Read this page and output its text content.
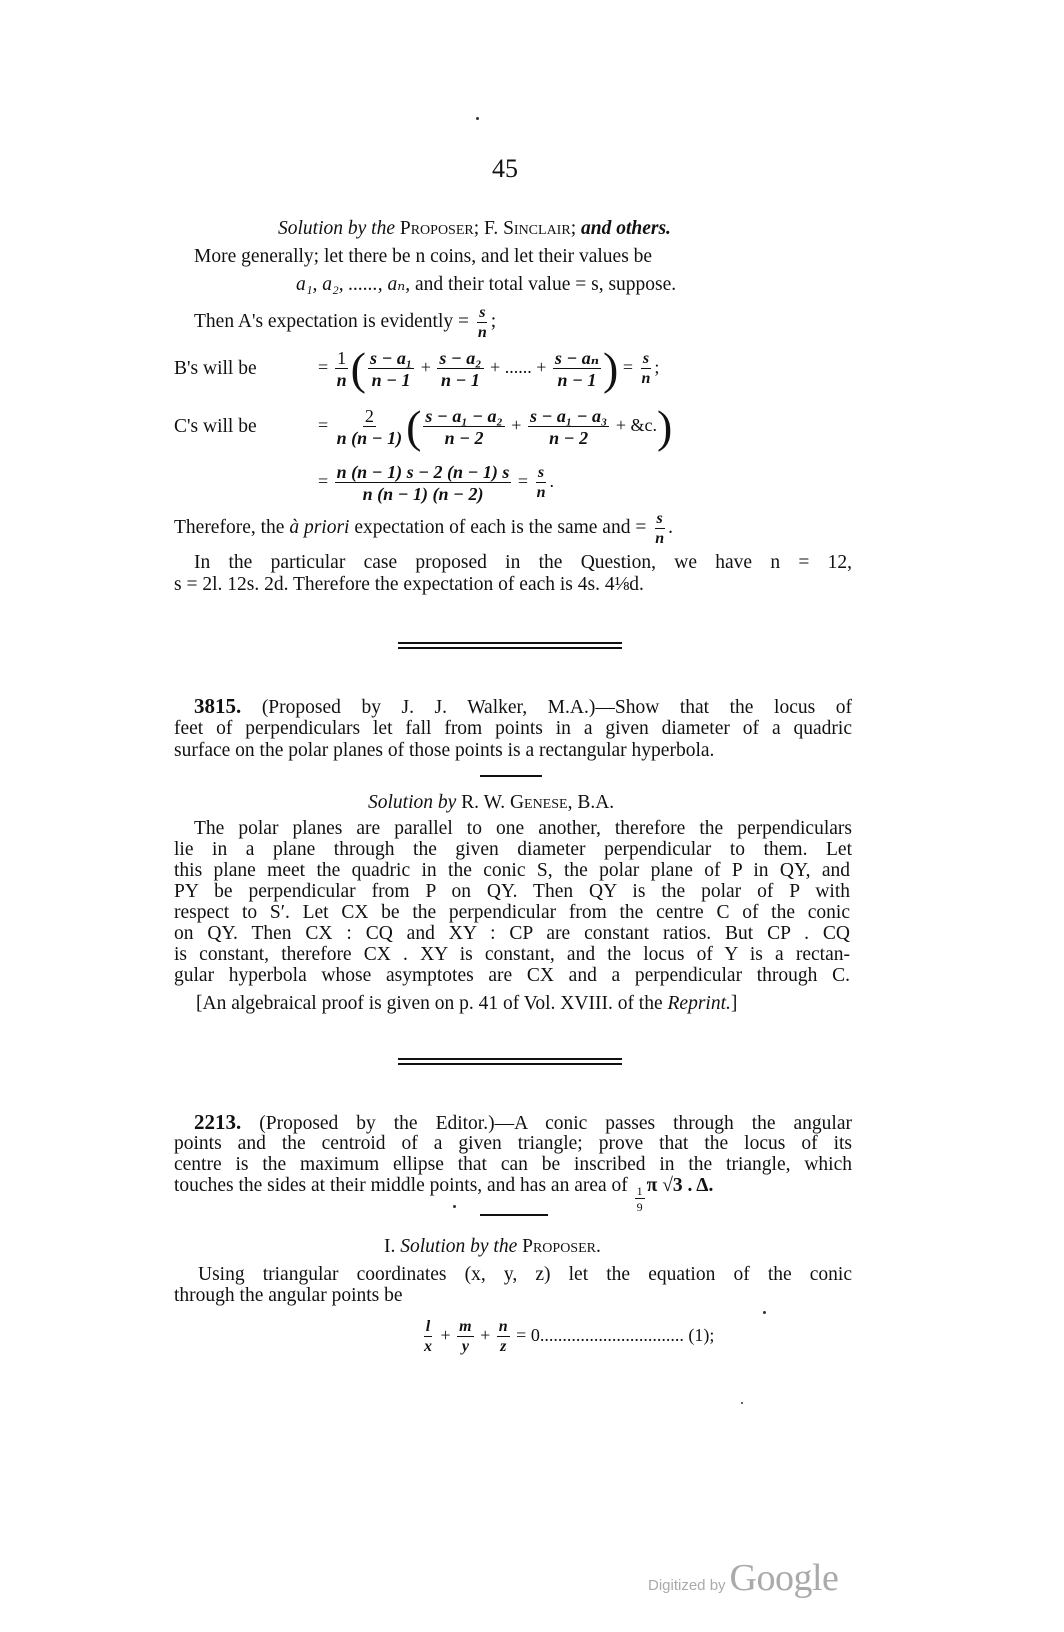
45
Solution by the Proposer; F. Sinclair; and others.
More generally; let there be n coins, and let their values be
a₁, a₂, ......, aₙ, and their total value = s, suppose.
Then A's expectation is evidently = $\frac{s}{n}$ ;
B's will be	= $\frac{1}{n}$ ( $\frac{\text{s − a₁}}{n - 1} + \frac{\text{s − a₂}}{n - 1}$ + ...... + $\frac{\text{s − aₙ}}{n - 1}$ ) = $\frac{s}{n}$ ;
C's will be	= $\frac{2}{n (n - 1)}$ ( $\frac{\text{s − a₁ − a₂}}{n - 2} + \frac{\text{s − a₁ − a₃}}{n - 2}$ + &c.)
= $\frac{n (n - 1) s - 2 (n - 1) s}{n (n - 1) (n - 2)} = \frac{s}{n}$ .
Therefore, the à priori expectation of each is the same and = $\frac{s}{n}$ .
In the particular case proposed in the Question, we have n = 12,
s = 2l. 12s. 2d. Therefore the expectation of each is 4s. 4⅛d.
3815. (Proposed by J. J. Walker, M.A.)—Show that the locus of
feet of perpendiculars let fall from points in a given diameter of a quadric
surface on the polar planes of those points is a rectangular hyperbola.
Solution by R. W. Genese, B.A.
The polar planes are parallel to one another, therefore the perpendiculars
lie in a plane through the given diameter perpendicular to them. Let
this plane meet the quadric in the conic S, the polar plane of P in QY, and
PY be perpendicular from P on QY. Then QY is the polar of P with
respect to S′. Let CX be the perpendicular from the centre C of the conic
on QY. Then CX : CQ and XY : CP are constant ratios. But CP . CQ
is constant, therefore CX . XY is constant, and the locus of Y is a rectan-
gular hyperbola whose asymptotes are CX and a perpendicular through C.
[An algebraical proof is given on p. 41 of Vol. XVIII. of the Reprint.]
2213. (Proposed by the Editor.)—A conic passes through the angular
points and the centroid of a given triangle; prove that the locus of its
centre is the maximum ellipse that can be inscribed in the triangle, which
touches the sides at their middle points, and has an area of $\frac{1}{9}$ π √3 . Δ.
I. Solution by the Proposer.
Using triangular coordinates (x, y, z) let the equation of the conic
through the angular points be
$\frac{l}{x} + \frac{m}{y} + \frac{n}{z} = 0$................................ (1);
Digitized by Google
